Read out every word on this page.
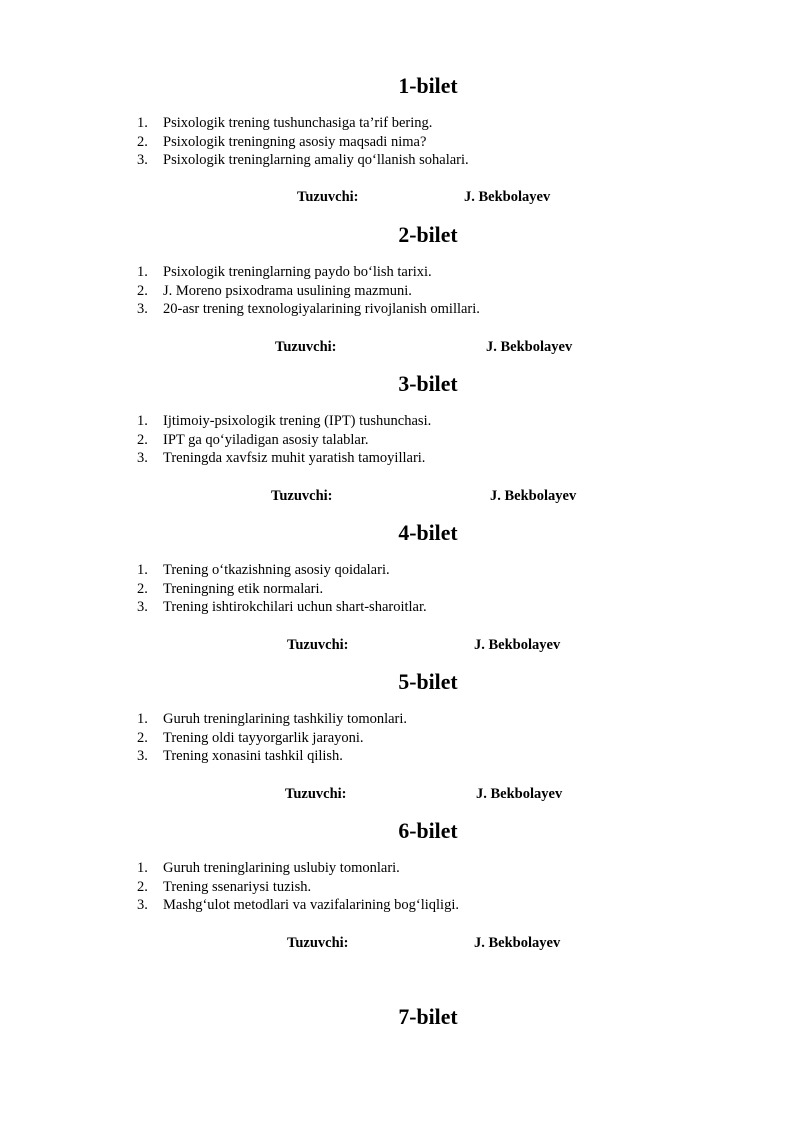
1-bilet
1. Psixologik trening tushunchasiga ta’rif bering.
2. Psixologik treningning asosiy maqsadi nima?
3. Psixologik treninglarning amaliy qo‘llanish sohalari.
Tuzuvchi:	J. Bekbolayev
2-bilet
1. Psixologik treninglarning paydo bo‘lish tarixi.
2. J. Moreno psixodrama usulining mazmuni.
3. 20-asr trening texnologiyalarining rivojlanish omillari.
Tuzuvchi:	J. Bekbolayev
3-bilet
1. Ijtimoiy-psixologik trening (IPT) tushunchasi.
2. IPT ga qo‘yiladigan asosiy talablar.
3. Treningda xavfsiz muhit yaratish tamoyillari.
Tuzuvchi:	J. Bekbolayev
4-bilet
1. Trening o‘tkazishning asosiy qoidalari.
2. Treningning etik normalari.
3. Trening ishtirokchilari uchun shart-sharoitlar.
Tuzuvchi:	J. Bekbolayev
5-bilet
1. Guruh treninglarining tashkiliy tomonlari.
2. Trening oldi tayyorgarlik jarayoni.
3. Trening xonasini tashkil qilish.
Tuzuvchi:	J. Bekbolayev
6-bilet
1. Guruh treninglarining uslubiy tomonlari.
2. Trening ssenariysi tuzish.
3. Mashg‘ulot metodlari va vazifalarining bog‘liqligi.
Tuzuvchi:	J. Bekbolayev
7-bilet
